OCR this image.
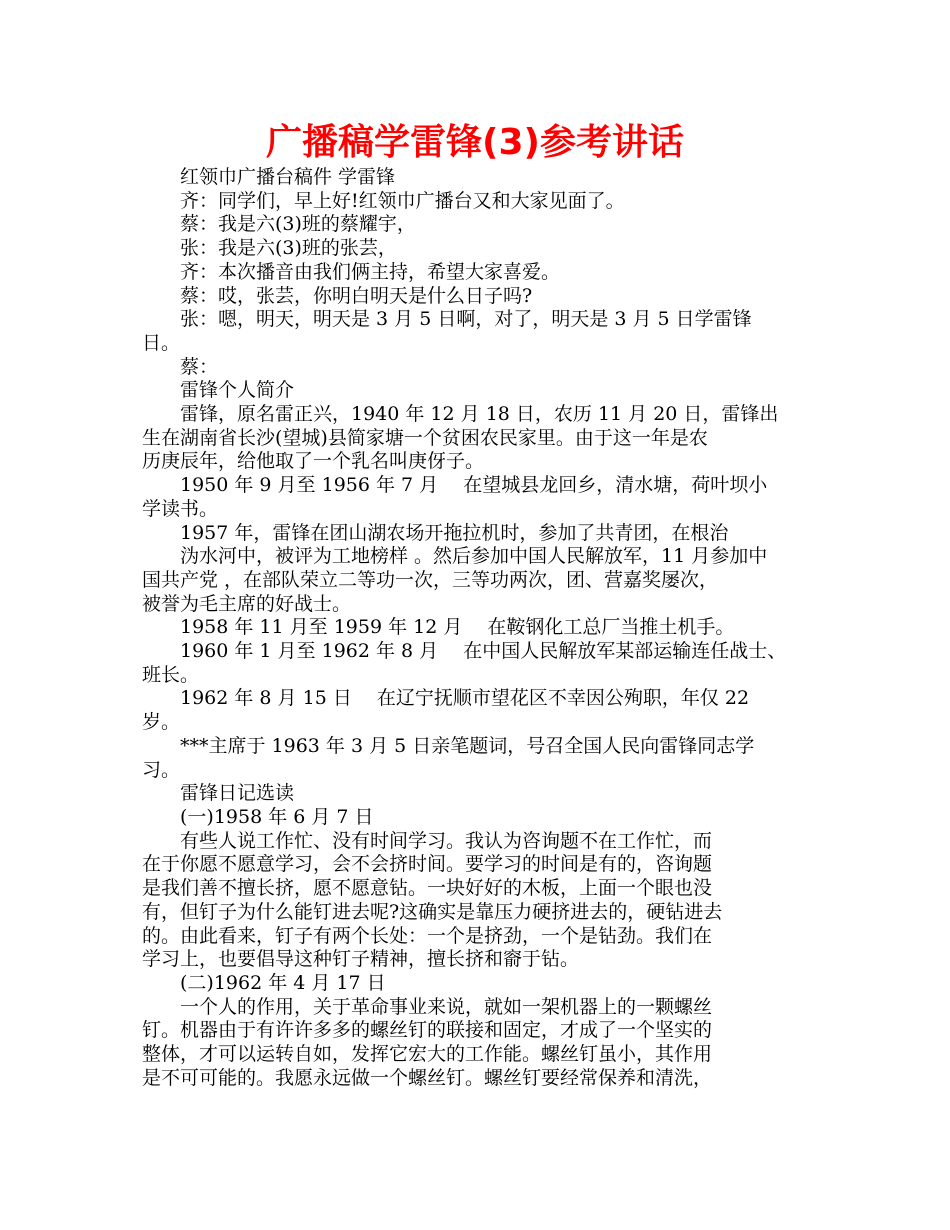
广播稿学雷锋(3)参考讲话

红领巾广播台稿件 学雷锋

齐：同学们，早上好!红领巾广播台又和大家见面了。

蔡：我是六(3)班的蔡耀宇，

张：我是六(3)班的张芸，

齐：本次播音由我们俩主持，希望大家喜爱。

蔡：哎，张芸，你明白明天是什么日子吗?

张：嗯，明天，明天是 3 月 5 日啊，对了，明天是 3 月 5 日学雷锋

日。

蔡：

雷锋个人简介

雷锋，原名雷正兴，1940 年 12 月 18 日，农历 11 月 20 日，雷锋出

生在湖南省长沙(望城)县简家塘一个贫困农民家里。由于这一年是农

历庚辰年，给他取了一个乳名叫庚伢子。

1950 年 9 月至 1956 年 7 月　 在望城县龙回乡，清水塘，荷叶坝小

学读书。

1957 年，雷锋在团山湖农场开拖拉机时，参加了共青团，在根治

沩水河中，被评为工地榜样 。然后参加中国人民解放军，11 月参加中

国共产党 ，在部队荣立二等功一次，三等功两次，团、营嘉奖屡次，

被誉为毛主席的好战士。

1958 年 11 月至 1959 年 12 月　 在鞍钢化工总厂当推土机手。

1960 年 1 月至 1962 年 8 月　 在中国人民解放军某部运输连任战士、

班长。

1962 年 8 月 15 日　 在辽宁抚顺市望花区不幸因公殉职，年仅 22

岁。

***主席于 1963 年 3 月 5 日亲笔题词，号召全国人民向雷锋同志学

习。

雷锋日记选读

(一)1958 年 6 月 7 日

有些人说工作忙、没有时间学习。我认为咨询题不在工作忙，而

在于你愿不愿意学习，会不会挤时间。要学习的时间是有的，咨询题

是我们善不擅长挤，愿不愿意钻。一块好好的木板，上面一个眼也没

有，但钉子为什么能钉进去呢?这确实是靠压力硬挤进去的，硬钻进去

的。由此看来，钉子有两个长处：一个是挤劲，一个是钻劲。我们在

学习上，也要倡导这种钉子精神，擅长挤和窬于钻。

(二)1962 年 4 月 17 日

一个人的作用，关于革命事业来说，就如一架机器上的一颗螺丝

钉。机器由于有许许多多的螺丝钉的联接和固定，才成了一个坚实的

整体，才可以运转自如，发挥它宏大的工作能。螺丝钉虽小，其作用

是不可可能的。我愿永远做一个螺丝钉。螺丝钉要经常保养和清洗，
